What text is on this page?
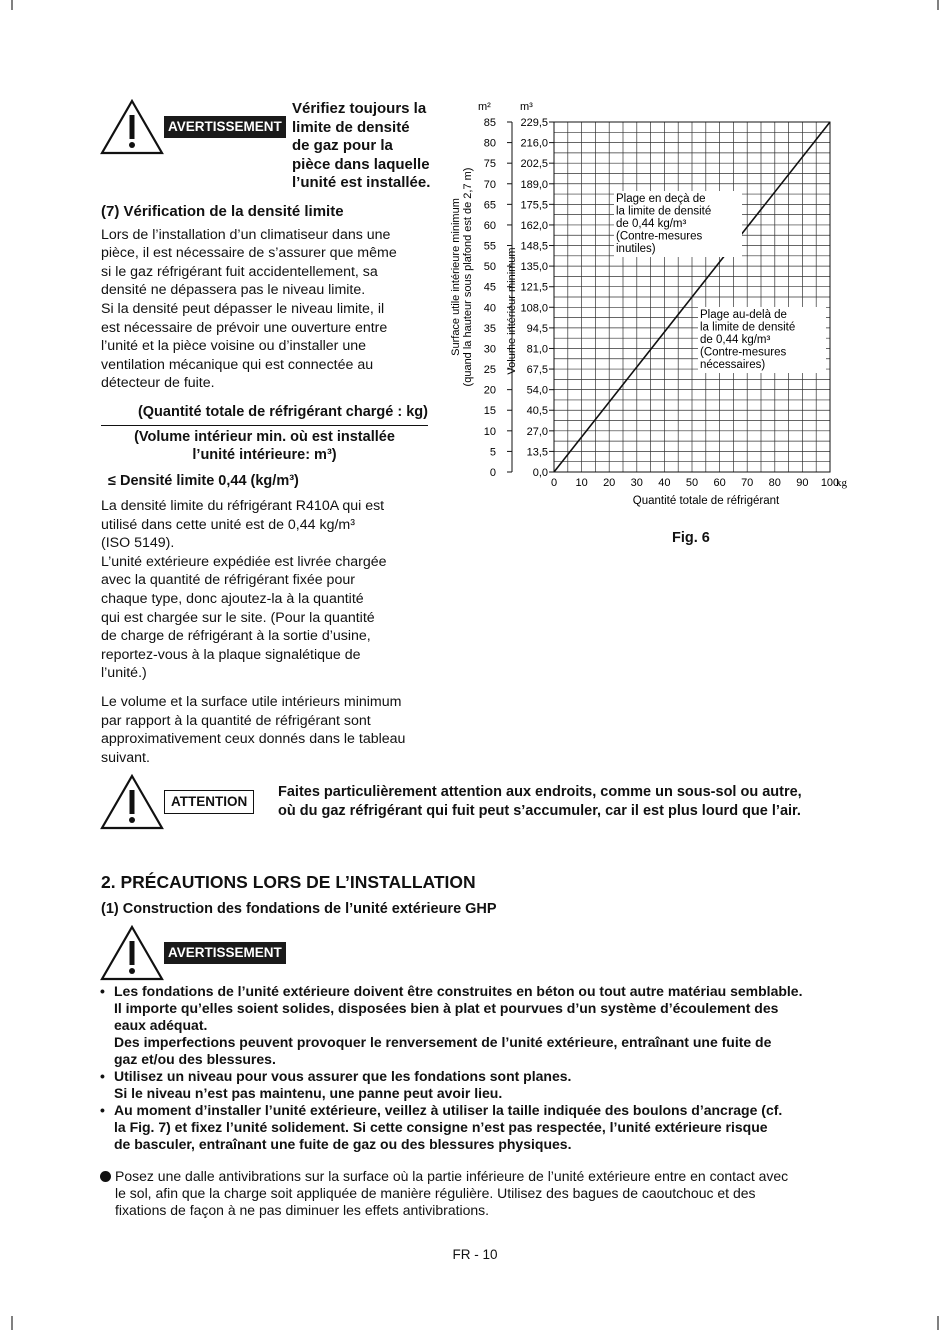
AVERTISSEMENT
Vérifiez toujours la
limite de densité
de gaz pour la
pièce dans laquelle
l’unité est installée.
(7) Vérification de la densité limite
Lors de l’installation d’un climatiseur dans une
pièce, il est nécessaire de s’assurer que même
si le gaz réfrigérant fuit accidentellement, sa
densité ne dépassera pas le niveau limite.
Si la densité peut dépasser le niveau limite, il
est nécessaire de prévoir une ouverture entre
l’unité et la pièce voisine ou d’installer une
ventilation mécanique qui est connectée au
détecteur de fuite.
(Quantité totale de réfrigérant chargé : kg)
(Volume intérieur min. où est installée
l’unité intérieure: m³)
≤ Densité limite 0,44 (kg/m³)
La densité limite du réfrigérant R410A qui est
utilisé dans cette unité est de 0,44 kg/m³
(ISO 5149).
L’unité extérieure expédiée est livrée chargée
avec la quantité de réfrigérant fixée pour
chaque type, donc ajoutez-la à la quantité
qui est chargée sur le site. (Pour la quantité
de charge de réfrigérant à la sortie d’usine,
reportez-vous à la plaque signalétique de
l’unité.)
Le volume et la surface utile intérieurs minimum
par rapport à la quantité de réfrigérant sont
approximativement ceux donnés dans le tableau
suivant.
0
5
10
15
20
25
30
35
40
45
50
55
60
65
70
75
80
85
0,0
13,5
27,0
40,5
54,0
67,5
81,0
94,5
108,0
121,5
135,0
148,5
162,0
175,5
189,0
202,5
216,0
229,5
0 10 20 30 40 50 60 70 80 90 100
kg
Quantité totale de réfrigérant
m²	m³
Surface utile intérieure minimum (quand la hauteur sous plafond est de 2,7 m)	Volume intérieur minimum
Plage en deçà de
la limite de densité
de 0,44 kg/m³
(Contre-mesures
inutiles)
Plage au-delà de
la limite de densité
de 0,44 kg/m³
(Contre-mesures
nécessaires)
Fig. 6
ATTENTION
Faites particulièrement attention aux endroits, comme un sous-sol ou autre,
où du gaz réfrigérant qui fuit peut s’accumuler, car il est plus lourd que l’air.
2. PRÉCAUTIONS LORS DE L’INSTALLATION
(1) Construction des fondations de l’unité extérieure GHP
AVERTISSEMENT
• Les fondations de l’unité extérieure doivent être construites en béton ou tout autre matériau semblable.
Il importe qu’elles soient solides, disposées bien à plat et pourvues d’un système d’écoulement des
eaux adéquat.
Des imperfections peuvent provoquer le renversement de l’unité extérieure, entraînant une fuite de
gaz et/ou des blessures.
• Utilisez un niveau pour vous assurer que les fondations sont planes.
Si le niveau n’est pas maintenu, une panne peut avoir lieu.
• Au moment d’installer l’unité extérieure, veillez à utiliser la taille indiquée des boulons d’ancrage (cf.
la Fig. 7) et fixez l’unité solidement. Si cette consigne n’est pas respectée, l’unité extérieure risque
de basculer, entraînant une fuite de gaz ou des blessures physiques.
Posez une dalle antivibrations sur la surface où la partie inférieure de l’unité extérieure entre en contact avec
le sol, afin que la charge soit appliquée de manière régulière. Utilisez des bagues de caoutchouc et des
fixations de façon à ne pas diminuer les effets antivibrations.
FR - 10
